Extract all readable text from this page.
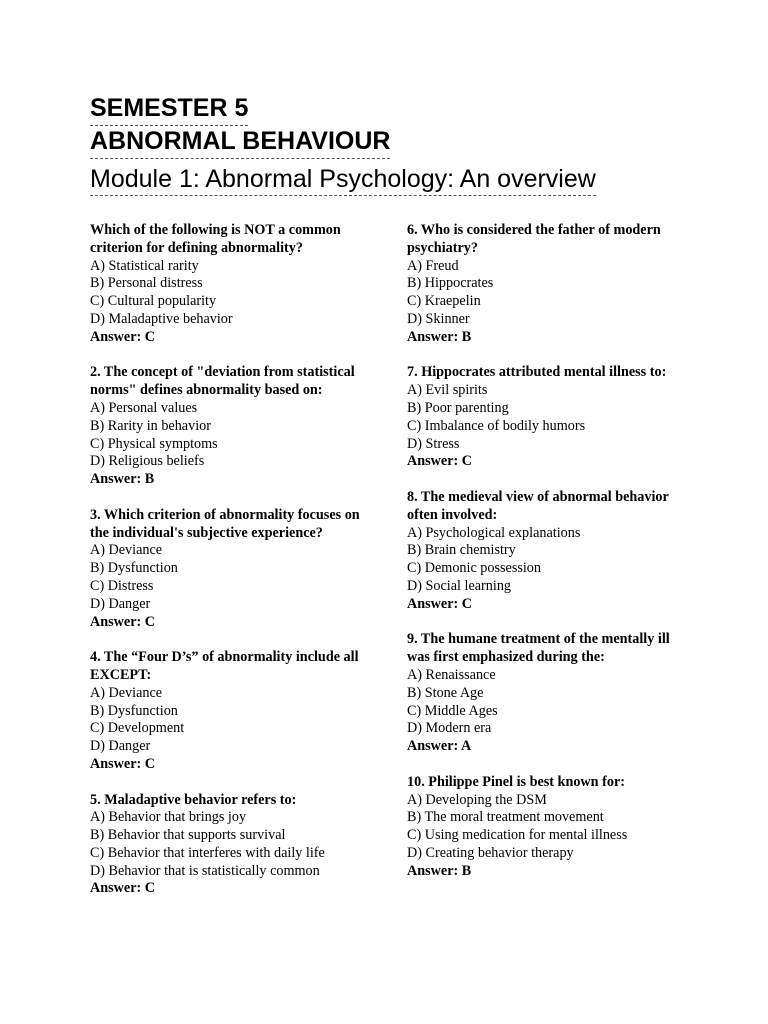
SEMESTER 5
ABNORMAL BEHAVIOUR
Module 1: Abnormal Psychology: An overview
Which of the following is NOT a common criterion for defining abnormality?
A) Statistical rarity
B) Personal distress
C) Cultural popularity
D) Maladaptive behavior
Answer: C
2. The concept of "deviation from statistical norms" defines abnormality based on:
A) Personal values
B) Rarity in behavior
C) Physical symptoms
D) Religious beliefs
Answer: B
3. Which criterion of abnormality focuses on the individual's subjective experience?
A) Deviance
B) Dysfunction
C) Distress
D) Danger
Answer: C
4. The “Four D’s” of abnormality include all EXCEPT:
A) Deviance
B) Dysfunction
C) Development
D) Danger
Answer: C
5. Maladaptive behavior refers to:
A) Behavior that brings joy
B) Behavior that supports survival
C) Behavior that interferes with daily life
D) Behavior that is statistically common
Answer: C
6. Who is considered the father of modern psychiatry?
A) Freud
B) Hippocrates
C) Kraepelin
D) Skinner
Answer: B
7. Hippocrates attributed mental illness to:
A) Evil spirits
B) Poor parenting
C) Imbalance of bodily humors
D) Stress
Answer: C
8. The medieval view of abnormal behavior often involved:
A) Psychological explanations
B) Brain chemistry
C) Demonic possession
D) Social learning
Answer: C
9. The humane treatment of the mentally ill was first emphasized during the:
A) Renaissance
B) Stone Age
C) Middle Ages
D) Modern era
Answer: A
10. Philippe Pinel is best known for:
A) Developing the DSM
B) The moral treatment movement
C) Using medication for mental illness
D) Creating behavior therapy
Answer: B
